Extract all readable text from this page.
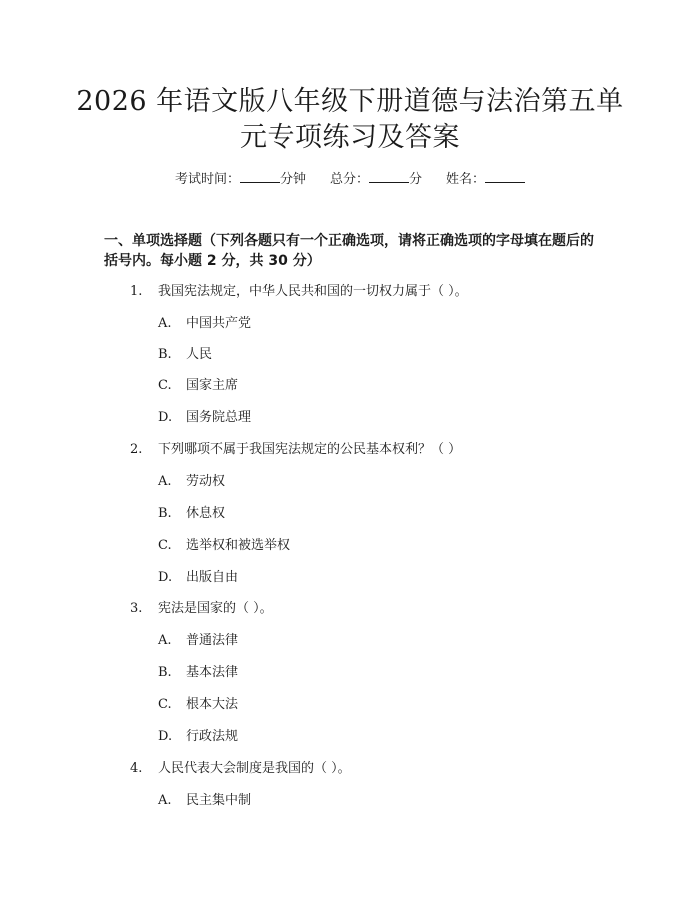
2026 年语文版八年级下册道德与法治第五单
元专项练习及答案
考试时间：	分钟 总分：	分 姓名：
一、单项选择题（下列各题只有一个正确选项，请将正确选项的字母填在题后的
括号内。每小题 2 分，共 30 分）
1.	我国宪法规定，中华人民共和国的一切权力属于（ ）。
A.	中国共产党
B.	人民
C.	国家主席
D.	国务院总理
2.	下列哪项不属于我国宪法规定的公民基本权利？（ ）
A.	劳动权
B.	休息权
C.	选举权和被选举权
D.	出版自由
3.	宪法是国家的（ ）。
A.	普通法律
B.	基本法律
C.	根本大法
D.	行政法规
4.	人民代表大会制度是我国的（ ）。
A.	民主集中制
